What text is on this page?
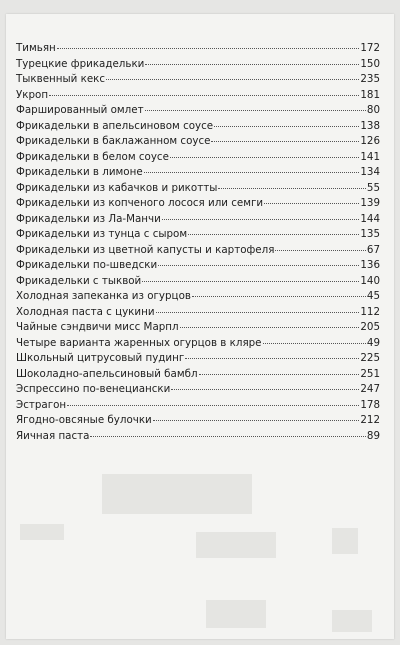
Тимьян	172
Турецкие фрикадельки	150
Тыквенный кекс	235
Укроп	181
Фаршированный омлет	80
Фрикадельки в апельсиновом соусе	138
Фрикадельки в баклажанном соусе	126
Фрикадельки в белом соусе	141
Фрикадельки в лимоне	134
Фрикадельки из кабачков и рикотты	55
Фрикадельки из копченого лосося или семги	139
Фрикадельки из Ла-Манчи	144
Фрикадельки из тунца с сыром	135
Фрикадельки из цветной капусты и картофеля	67
Фрикадельки по-шведски	136
Фрикадельки с тыквой	140
Холодная запеканка из огурцов	45
Холодная паста с цукини	112
Чайные сэндвичи мисс Марпл	205
Четыре варианта жаренных огурцов в кляре	49
Школьный цитрусовый пудинг	225
Шоколадно-апельсиновый бамбл	251
Эспрессино по-венециански	247
Эстрагон	178
Ягодно-овсяные булочки	212
Яичная паста	89
